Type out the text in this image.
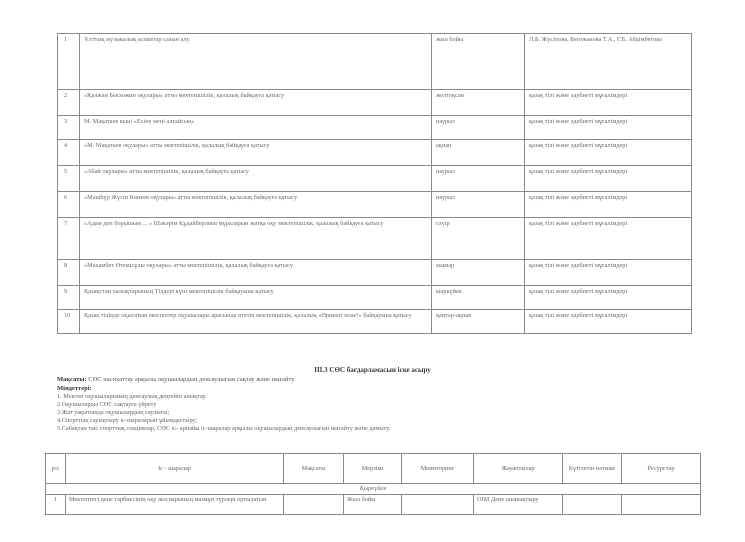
1	Ұлттық музыкалық аспаптар сазын алу	жыл бойы	Л.Б. Жүсіпова, Бегежанова Т.А., Г.Б. Абдімбетова
2	«Қалжан Бекхожин оқулары» атты мектепішілік, қалалық байқауға қатысу	желтоқсан	қазақ тілі және әдебиеті мұғалімдері
3	М. Мақатаев кеші «Есіне мені алғайсың»	наурыз	қазақ тілі және әдебиеті мұғалімдері
4	«М. Мақатаев оқулары» атты мектепішілік, қалалық байқауға қатысу	ақпан	қазақ тілі және әдебиеті мұғалімдері
5	«Абай оқулары» атты мектепішілік, қалалық байқауға қатысу	наурыз	қазақ тілі және әдебиеті мұғалімдері
6	«Мәшһүр Жүсіп Көпеев оқулары» атты мектепішілік, қалалық байқауға қатысу	наурыз	қазақ тілі және әдебиеті мұғалімдері
7	«Адам деп борышым ... » Шәкәрім Құдайберлиев мұраларын жатқа оқу мектепішілік, қалалық байқауға қатысу	сәуір	қазақ тілі және әдебиеті мұғалімдері
8	«Махамбет Өтемісұлы оқулары» атты мектепішілік, қалалық байқауға қатысу	мамыр	қазақ тілі және әдебиеті мұғалімдері
9	Қазақстан халықтарының Тілдері күні мектепішілік байқауына қатысу	қыркүйек	қазақ тілі және әдебиеті мұғалімдері
10	Қазақ тілінде оқытатын мектептер оқушылары арасында өтетін мектепішілік, қалалық «Өрнекті өсие!» байқауына қатысу	қаңтар-ақпан	қазақ тілі және әдебиеті мұғалімдері
III.3 СӨС бағдарламасын іске асыру
Мақсаты: СӨС насихаттау арқылы оқушылардың денсаулығын сақтау және нығайту.
Міндеттері:
1. Мектеп оқушыларының денсаулық деңгейін анықтау.
2.Оқушыларды СӨС сақтауға үйрету
3.Жат уақытында оқушылардың саулығы;
4.Спорттық сауықтыру іс-шараларын ұйымдастыру;
5.Сабақтан тыс спорттық секциялар, СӨС іс- арнайы іс-шаралар арқылы оқушылардың денсаулығын нығайту және дамыту.
р/с	Іс - шаралар	Мақсаты	Мерзімі	Мониторинг	Жауаптылар	Күтілетін нәтиже	Ресурстар
Қыркүйек							
1	Мектептегі денe тәрбиесінің оқу жоспарының мазмұн түрлері ортылатын		Жыл бойы		ОІМ Дене шынықтыру		
